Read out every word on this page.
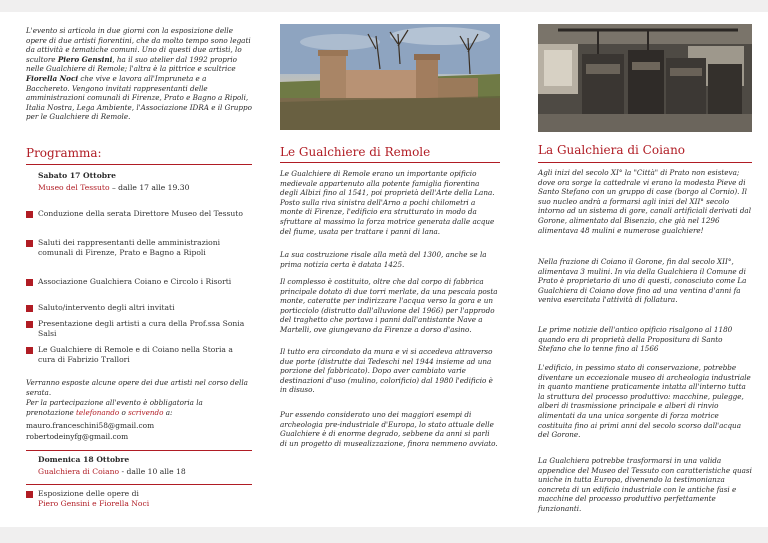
L'evento si articola in due giorni con la esposizione delle opere di due artisti fiorentini, che da molto tempo sono legati da attività e tematiche comuni. Uno di questi due artisti, lo scultore Piero Gensini, ha il suo atelier dal 1992 proprio nelle Gualchiere di Remole; l'altra è la pittrice e scultrice Fiorella Noci che vive e lavora all'Impruneta e a Baccheretо. Vengono invitati rappresentanti delle amministrazioni comunali di Firenze, Prato e Bagno a Ripoli, Italia Nostra, Lega Ambiente, l'Associazione IDRA e il Gruppo per le Gualchiere di Remole.

Programma:

Sabato 17 Ottobre

Museo del Tessuto – dalle 17 alle 19.30

Conduzione della serata Direttore Museo del Tessuto

Saluti dei rappresentanti delle amministrazioni comunali di Firenze, Prato e Bagno a Ripoli

Associazione Gualchiera Coiano e Circolo i Risorti

Saluto/intervento degli altri invitati

Presentazione degli artisti a cura della Prof.ssa Sonia Salsi

Le Gualchiere di Remole e di Coiano nella Storia a cura di Fabrizio Trallori

Verranno esposte alcune opere dei due artisti nel corso della serata.

Per la partecipazione all'evento è obbligatoria la prenotazione telefonando o scrivendo a:

mauro.franceschini58@gmail.com

robertodeinyfg@gmail.com

Domenica 18 Ottobre

Gualchiera di Coiano - dalle 10 alle 18

Esposizione delle opere di
Piero Gensini e Fiorella Noci

Le Gualchiere di Remole

Le Gualchiere di Remole erano un importante opificio medievale appartenuto alla potente famiglia fiorentina degli Albizi fino al 1541, poi proprietà dell'Arte della Lana. Posto sulla riva sinistra dell'Arno a pochi chilometri a monte di Firenze, l'edificio era strutturato in modo da sfruttare al massimo la forza motrice generata dalle acque del fiume, usata per trattare i panni di lana.

La sua costruzione risale alla metà del 1300, anche se la prima notizia certa è datata 1425.

Il complesso è costituito, oltre che dal corpo di fabbrica principale dotato di due torri merlate, da una pescaia posta monte, cateratte per indirizzare l'acqua verso la gora e un porticciolo (distrutto dall'alluvione del 1966) per l'approdo del traghetto che portava i panni dall'antistante Nave a Martelli, ove giungevano da Firenze a dorso d'asino.

Il tutto era circondato da mura e vi si accedeva attraverso due porte (distrutte dai Tedeschi nel 1944 insieme ad una porzione del fabbricato). Dopo aver cambiato varie destinazioni d'uso (mulino, colorificio) dal 1980 l'edificio è in disuso.

Pur essendo considerato uno dei maggiori esempi di archeologia pre-industriale d'Europa, lo stato attuale delle Gualchiere è di enorme degrado, sebbene da anni si parli di un progetto di musealizzazione, finora nemmeno avviato.

La Gualchiera di Coiano

Agli inizi del secolo XI° la "Città" di Prato non esisteva; dove ora sorge la cattedrale vi erano la modesta Pieve di Santo Stefano con un gruppo di case (borgo al Cornio). Il suo nucleo andrà a formarsi agli inizi del XII° secolo intorno ad un sistema di gore, canali artificiali derivati dal Gorone, alimentato dal Bisenzio, che già nel 1296 alimentava 48 mulini e numerose gualchiere!

Nella frazione di Coiano il Gorone, fin dal secolo XII°, alimentava 3 mulini. In via della Gualchiera il Comune di Prato è proprietario di uno di questi, conosciuto come La Gualchiera di Coiano dove fino ad una ventina d'anni fa veniva esercitata l'attività di follatura.

Le prime notizie dell'antico opificio risalgono al 1180 quando era di proprietà della Propositura di Santo Stefano che lo tenne fino al 1566

L'edificio, in pessimo stato di conservazione, potrebbe diventare un eccezionale museo di archeologia industriale in quanto mantiene praticamente intatta all'interno tutta la struttura del processo produttivo: macchine, pulegge, alberi di trasmissione principale e alberi di rinvio alimentati da una unica sorgente di forza motrice costituita fino ai primi anni del secolo scorso dall'acqua del Gorone.

La Gualchiera potrebbe trasformarsi in una valida appendice del Museo del Tessuto con caratteristiche quasi uniche in tutta Europa, divenendo la testimonianza concreta di un edificio industriale con le antiche fasi e macchine del processo produttivo perfettamente funzionanti.
